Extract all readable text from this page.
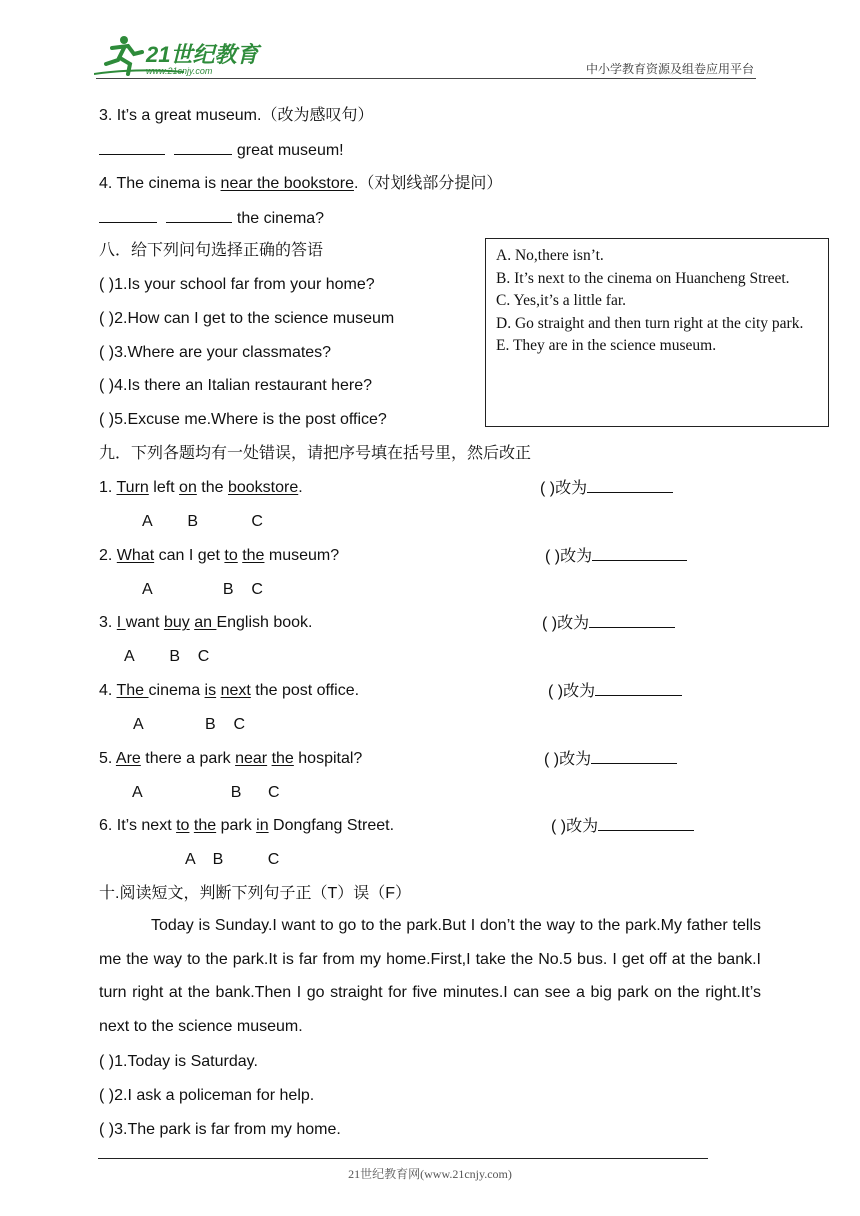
21世纪教育
www.21cnjy.com	中小学教育资源及组卷应用平台
3. It’s a great museum.（改为感叹句）
great museum!
4. The cinema is near the bookstore.（对划线部分提问）
the cinema?
八．给下列问句选择正确的答语
( )1.Is your school far from your home?
( )2.How can I get to the science museum
( )3.Where are your classmates?
( )4.Is there an Italian restaurant here?
( )5.Excuse me.Where is the post office?

A. No,there isn’t.

B. It’s next to the cinema on Huancheng Street.

C. Yes,it’s a little far.

D. Go straight and then turn right at the city park.

E. They are in the science museum.

九．下列各题均有一处错误，请把序号填在括号里，然后改正
1. Turn left on the bookstore.	( )改为
A        B            C
2. What can I get to the museum?	( )改为
A                B    C
3. I want buy an English book.	( )改为
A        B    C
4. The cinema is next the post office.	( )改为
A              B    C
5. Are there a park near the hospital?	( )改为
A                    B      C
6. It’s next to the park in Dongfang Street.	( )改为
A    B          C
十.阅读短文，判断下列句子正（T）误（F）
Today is Sunday.I want to go to the park.But I don’t the way to the park.My father tells me the way to the park.It is far from my home.First,I take the No.5 bus. I get off at the bank.I turn right at the bank.Then I go straight for five minutes.I can see a big park on the right.It’s next to the science museum.
( )1.Today is Saturday.
( )2.I ask a policeman for help.
( )3.The park is far from my home.
21世纪教育网(www.21cnjy.com)
